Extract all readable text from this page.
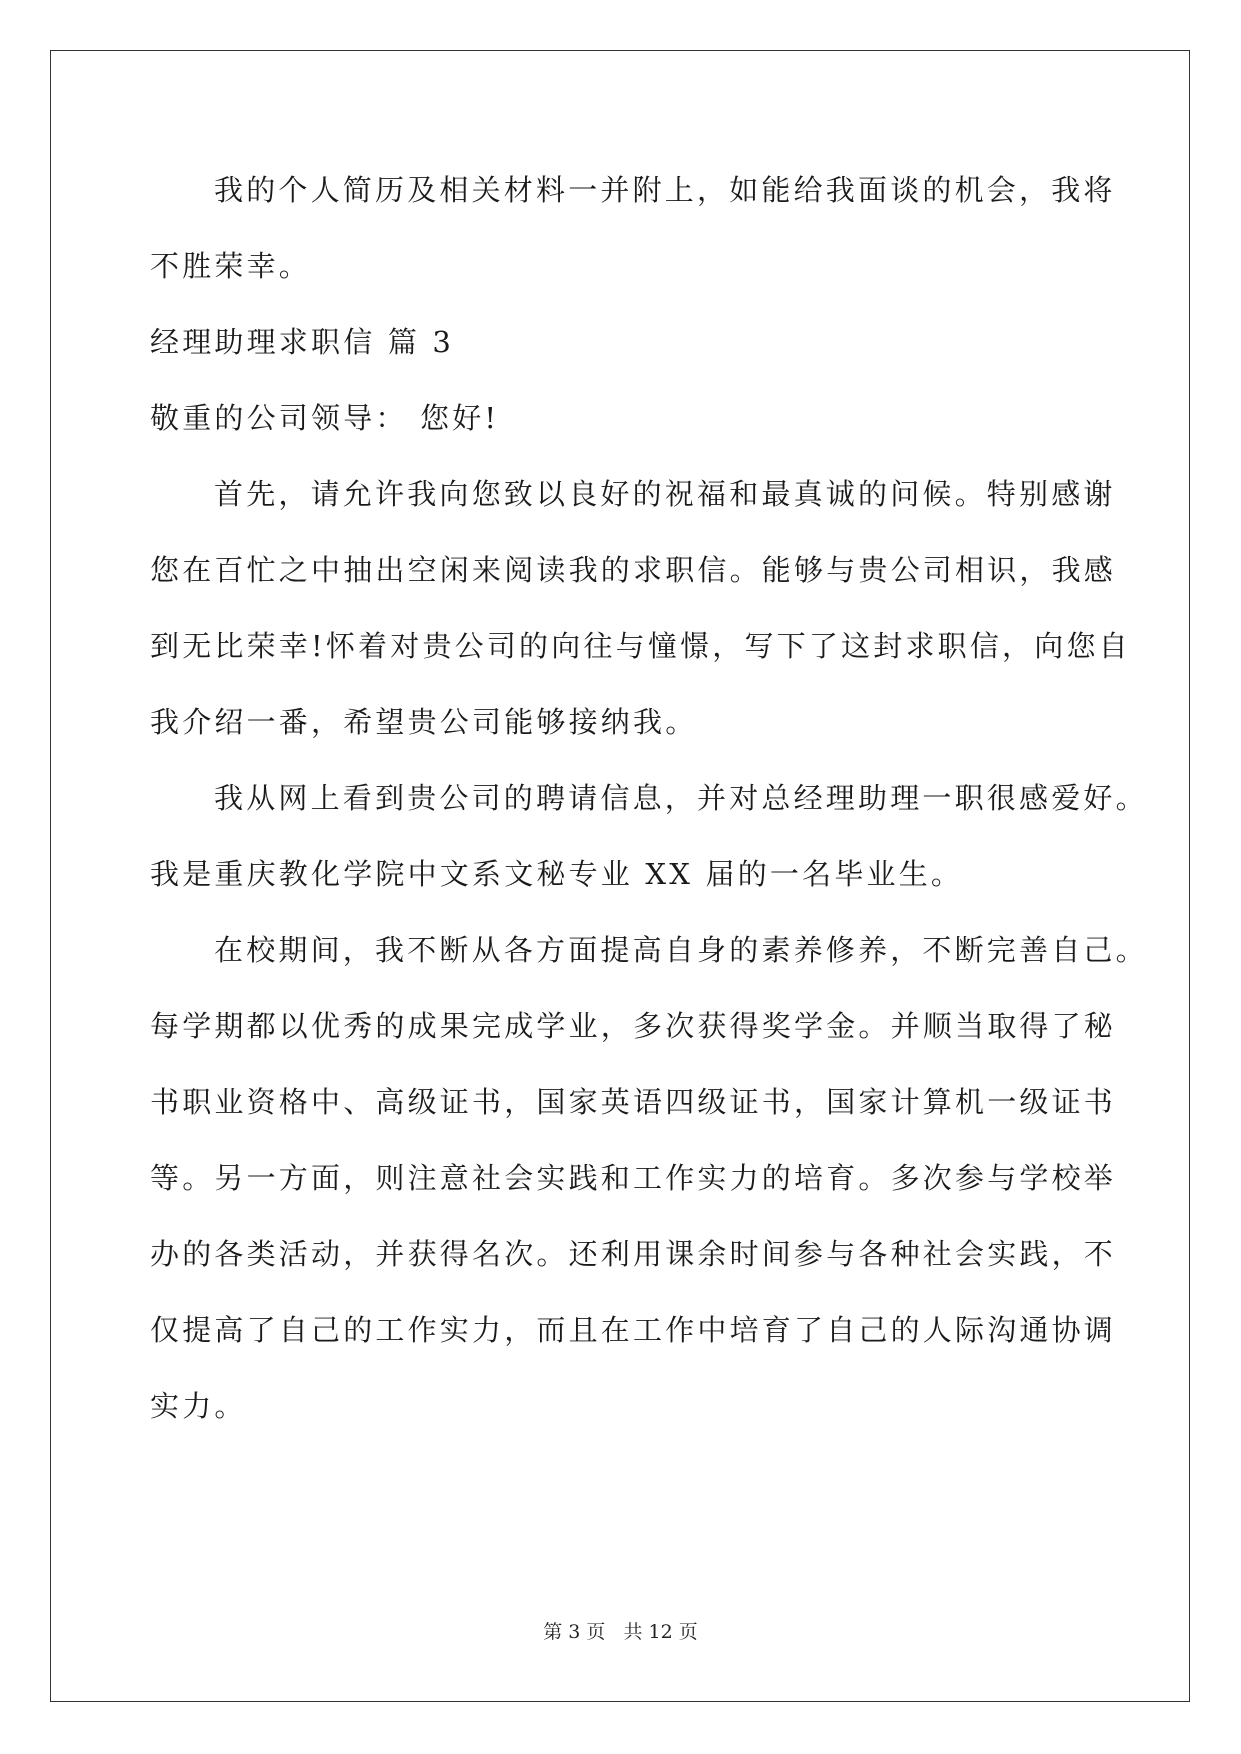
我的个人简历及相关材料一并附上，如能给我面谈的机会，我将
不胜荣幸。
经理助理求职信 篇 3
敬重的公司领导： 您好!
首先，请允许我向您致以良好的祝福和最真诚的问候。特别感谢
您在百忙之中抽出空闲来阅读我的求职信。能够与贵公司相识，我感
到无比荣幸!怀着对贵公司的向往与憧憬，写下了这封求职信，向您自
我介绍一番，希望贵公司能够接纳我。
我从网上看到贵公司的聘请信息，并对总经理助理一职很感爱好。
我是重庆教化学院中文系文秘专业 XX 届的一名毕业生。
在校期间，我不断从各方面提高自身的素养修养，不断完善自己。
每学期都以优秀的成果完成学业，多次获得奖学金。并顺当取得了秘
书职业资格中、高级证书，国家英语四级证书，国家计算机一级证书
等。另一方面，则注意社会实践和工作实力的培育。多次参与学校举
办的各类活动，并获得名次。还利用课余时间参与各种社会实践，不
仅提高了自己的工作实力，而且在工作中培育了自己的人际沟通协调
实力。
第 3 页 共 12 页
